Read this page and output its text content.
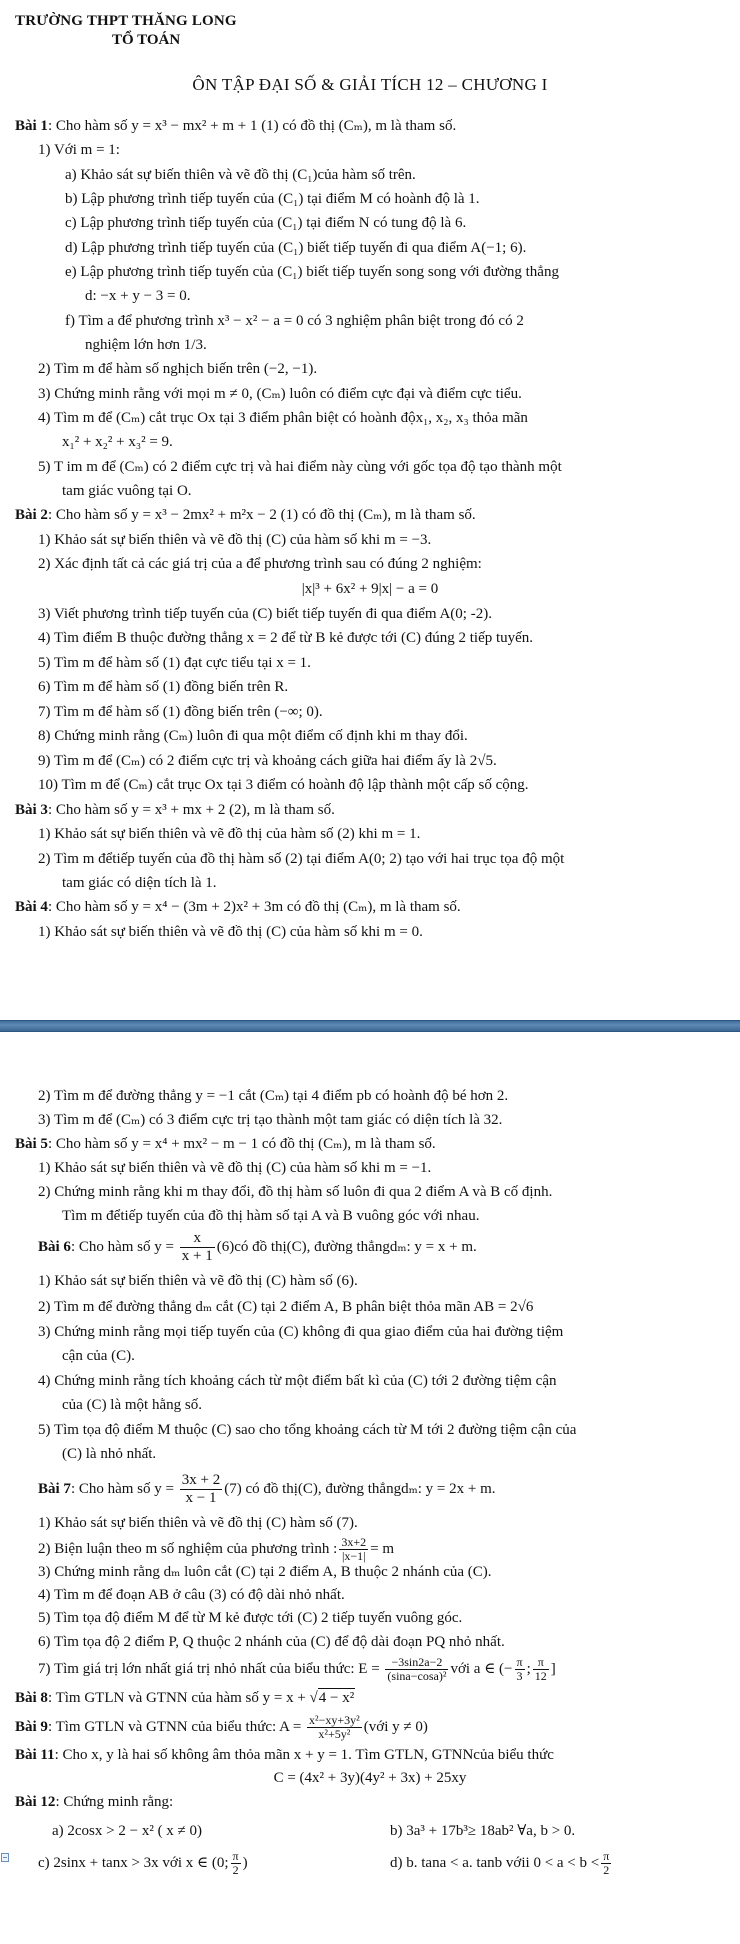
TRƯỜNG THPT THĂNG LONG
TỔ TOÁN
ÔN TẬP ĐẠI SỐ & GIẢI TÍCH 12 – CHƯƠNG I
Bài 1: Cho hàm số y = x³ − mx² + m + 1 (1) có đồ thị (Cₘ), m là tham số.
1) Với m = 1:
a) Khảo sát sự biến thiên và vẽ đồ thị (C₁)của hàm số trên.
b) Lập phương trình tiếp tuyến của (C₁) tại điểm M có hoành độ là 1.
c) Lập phương trình tiếp tuyến của (C₁) tại điểm N có tung độ là 6.
d) Lập phương trình tiếp tuyến của (C₁) biết tiếp tuyến đi qua điểm A(−1; 6).
e) Lập phương trình tiếp tuyến của (C₁) biết tiếp tuyến song song với đường thẳng
d: −x + y − 3 = 0.
f) Tìm a để phương trình x³ − x² − a = 0 có 3 nghiệm phân biệt trong đó có 2
nghiệm lớn hơn 1/3.
2) Tìm m để hàm số nghịch biến trên (−2, −1).
3) Chứng minh rằng với mọi m ≠ 0, (Cₘ) luôn có điểm cực đại và điểm cực tiểu.
4) Tìm m để (Cₘ) cắt trục Ox tại 3 điểm phân biệt có hoành độx₁, x₂, x₃ thỏa mãn
x₁² + x₂² + x₃² = 9.
5) T im m để (Cₘ) có 2 điểm cực trị và hai điểm này cùng với gốc tọa độ tạo thành một
tam giác vuông tại O.
Bài 2: Cho hàm số y = x³ − 2mx² + m²x − 2 (1) có đồ thị (Cₘ), m là tham số.
1) Khảo sát sự biến thiên và vẽ đồ thị (C) của hàm số khi m = −3.
2) Xác định tất cả các giá trị của a để phương trình sau có đúng 2 nghiệm:
|x|³ + 6x² + 9|x| − a = 0
3) Viết phương trình tiếp tuyến của (C) biết tiếp tuyến đi qua điểm A(0; -2).
4) Tìm điểm B thuộc đường thẳng x = 2 để từ B kẻ được tới (C) đúng 2 tiếp tuyến.
5) Tìm m để hàm số (1) đạt cực tiểu tại x = 1.
6) Tìm m để hàm số (1) đồng biến trên R.
7) Tìm m để hàm số (1) đồng biến trên (−∞; 0).
8) Chứng minh rằng (Cₘ) luôn đi qua một điểm cố định khi m thay đổi.
9) Tìm m để (Cₘ) có 2 điểm cực trị và khoảng cách giữa hai điểm ấy là 2√5.
10) Tìm m để (Cₘ) cắt trục Ox tại 3 điểm có hoành độ lập thành một cấp số cộng.
Bài 3: Cho hàm số y = x³ + mx + 2 (2), m là tham số.
1) Khảo sát sự biến thiên và vẽ đồ thị của hàm số (2) khi m = 1.
2) Tìm m đểtiếp tuyến của đồ thị hàm số (2) tại điểm A(0; 2) tạo với hai trục tọa độ một
tam giác có diện tích là 1.
Bài 4: Cho hàm số y = x⁴ − (3m + 2)x² + 3m có đồ thị (Cₘ), m là tham số.
1) Khảo sát sự biến thiên và vẽ đồ thị (C) của hàm số khi m = 0.
2) Tìm m để đường thẳng y = −1 cắt (Cₘ) tại 4 điểm pb có hoành độ bé hơn 2.
3) Tìm m để (Cₘ) có 3 điểm cực trị tạo thành một tam giác có diện tích là 32.
Bài 5: Cho hàm số y = x⁴ + mx² − m − 1 có đồ thị (Cₘ), m là tham số.
1) Khảo sát sự biến thiên và vẽ đồ thị (C) của hàm số khi m = −1.
2) Chứng minh rằng khi m thay đổi, đồ thị hàm số luôn đi qua 2 điểm A và B cố định.
Tìm m đểtiếp tuyến của đồ thị hàm số tại A và B vuông góc với nhau.
Bài 6: Cho hàm số $y = \frac{x}{x + 1}$ (6)có đồ thị(C), đường thẳngdₘ: y = x + m.
1) Khảo sát sự biến thiên và vẽ đồ thị (C) hàm số (6).
2) Tìm m để đường thẳng dₘ cắt (C) tại 2 điểm A, B phân biệt thỏa mãn AB = 2√6
3) Chứng minh rằng mọi tiếp tuyến của (C) không đi qua giao điểm của hai đường tiệm
cận của (C).
4) Chứng minh rằng tích khoảng cách từ một điểm bất kì của (C) tới 2 đường tiệm cận
của (C) là một hằng số.
5) Tìm tọa độ điểm M thuộc (C) sao cho tổng khoảng cách từ M tới 2 đường tiệm cận của
(C) là nhỏ nhất.
Bài 7: Cho hàm số $y = \frac{3x + 2}{x - 1} (7)$ có đồ thị(C), đường thẳngdₘ: y = 2x + m.
1) Khảo sát sự biến thiên và vẽ đồ thị (C) hàm số (7).
2) Biện luận theo m số nghiệm của phương trình : $\frac{3x+2}{|x-1|} = m$
3) Chứng minh rằng dₘ luôn cắt (C) tại 2 điểm A, B thuộc 2 nhánh của (C).
4) Tìm m để đoạn AB ở câu (3) có độ dài nhỏ nhất.
5) Tìm tọa độ điểm M để từ M kẻ được tới (C) 2 tiếp tuyến vuông góc.
6) Tìm tọa độ 2 điểm P, Q thuộc 2 nhánh của (C) để độ dài đoạn PQ nhỏ nhất.
7) Tìm giá trị lớn nhất giá trị nhỏ nhất của biểu thức: $E = \frac{-3\sin 2a-2}{\text{(sina−cosa)²}}$ với a ∈ (− $\frac{\pi}{3}$ ; $\frac{\pi}{12}$ ]
Bài 8: Tìm GTLN và GTNN của hàm số y = x + √4 − x²
Bài 9: Tìm GTLN và GTNN của biểu thức: $A = \frac{\text{x²−xy+3y²}}{\text{x²+5y²}}$ (với y ≠ 0)
Bài 11: Cho x, y là hai số không âm thỏa mãn x + y = 1. Tìm GTLN, GTNNcủa biểu thức
C = (4x² + 3y)(4y² + 3x) + 25xy
Bài 12: Chứng minh rằng:
a) 2cosx > 2 − x² ( x ≠ 0)	b) 3a³ + 17b³≥ 18ab² ∀a, b > 0.
c) 2sinx + tanx > 3x với x ∈ (0; $\frac{\pi}{2}$ )	d) b. tana < a. tanb vớii $0 < a < b < \frac{\pi}{2}$
